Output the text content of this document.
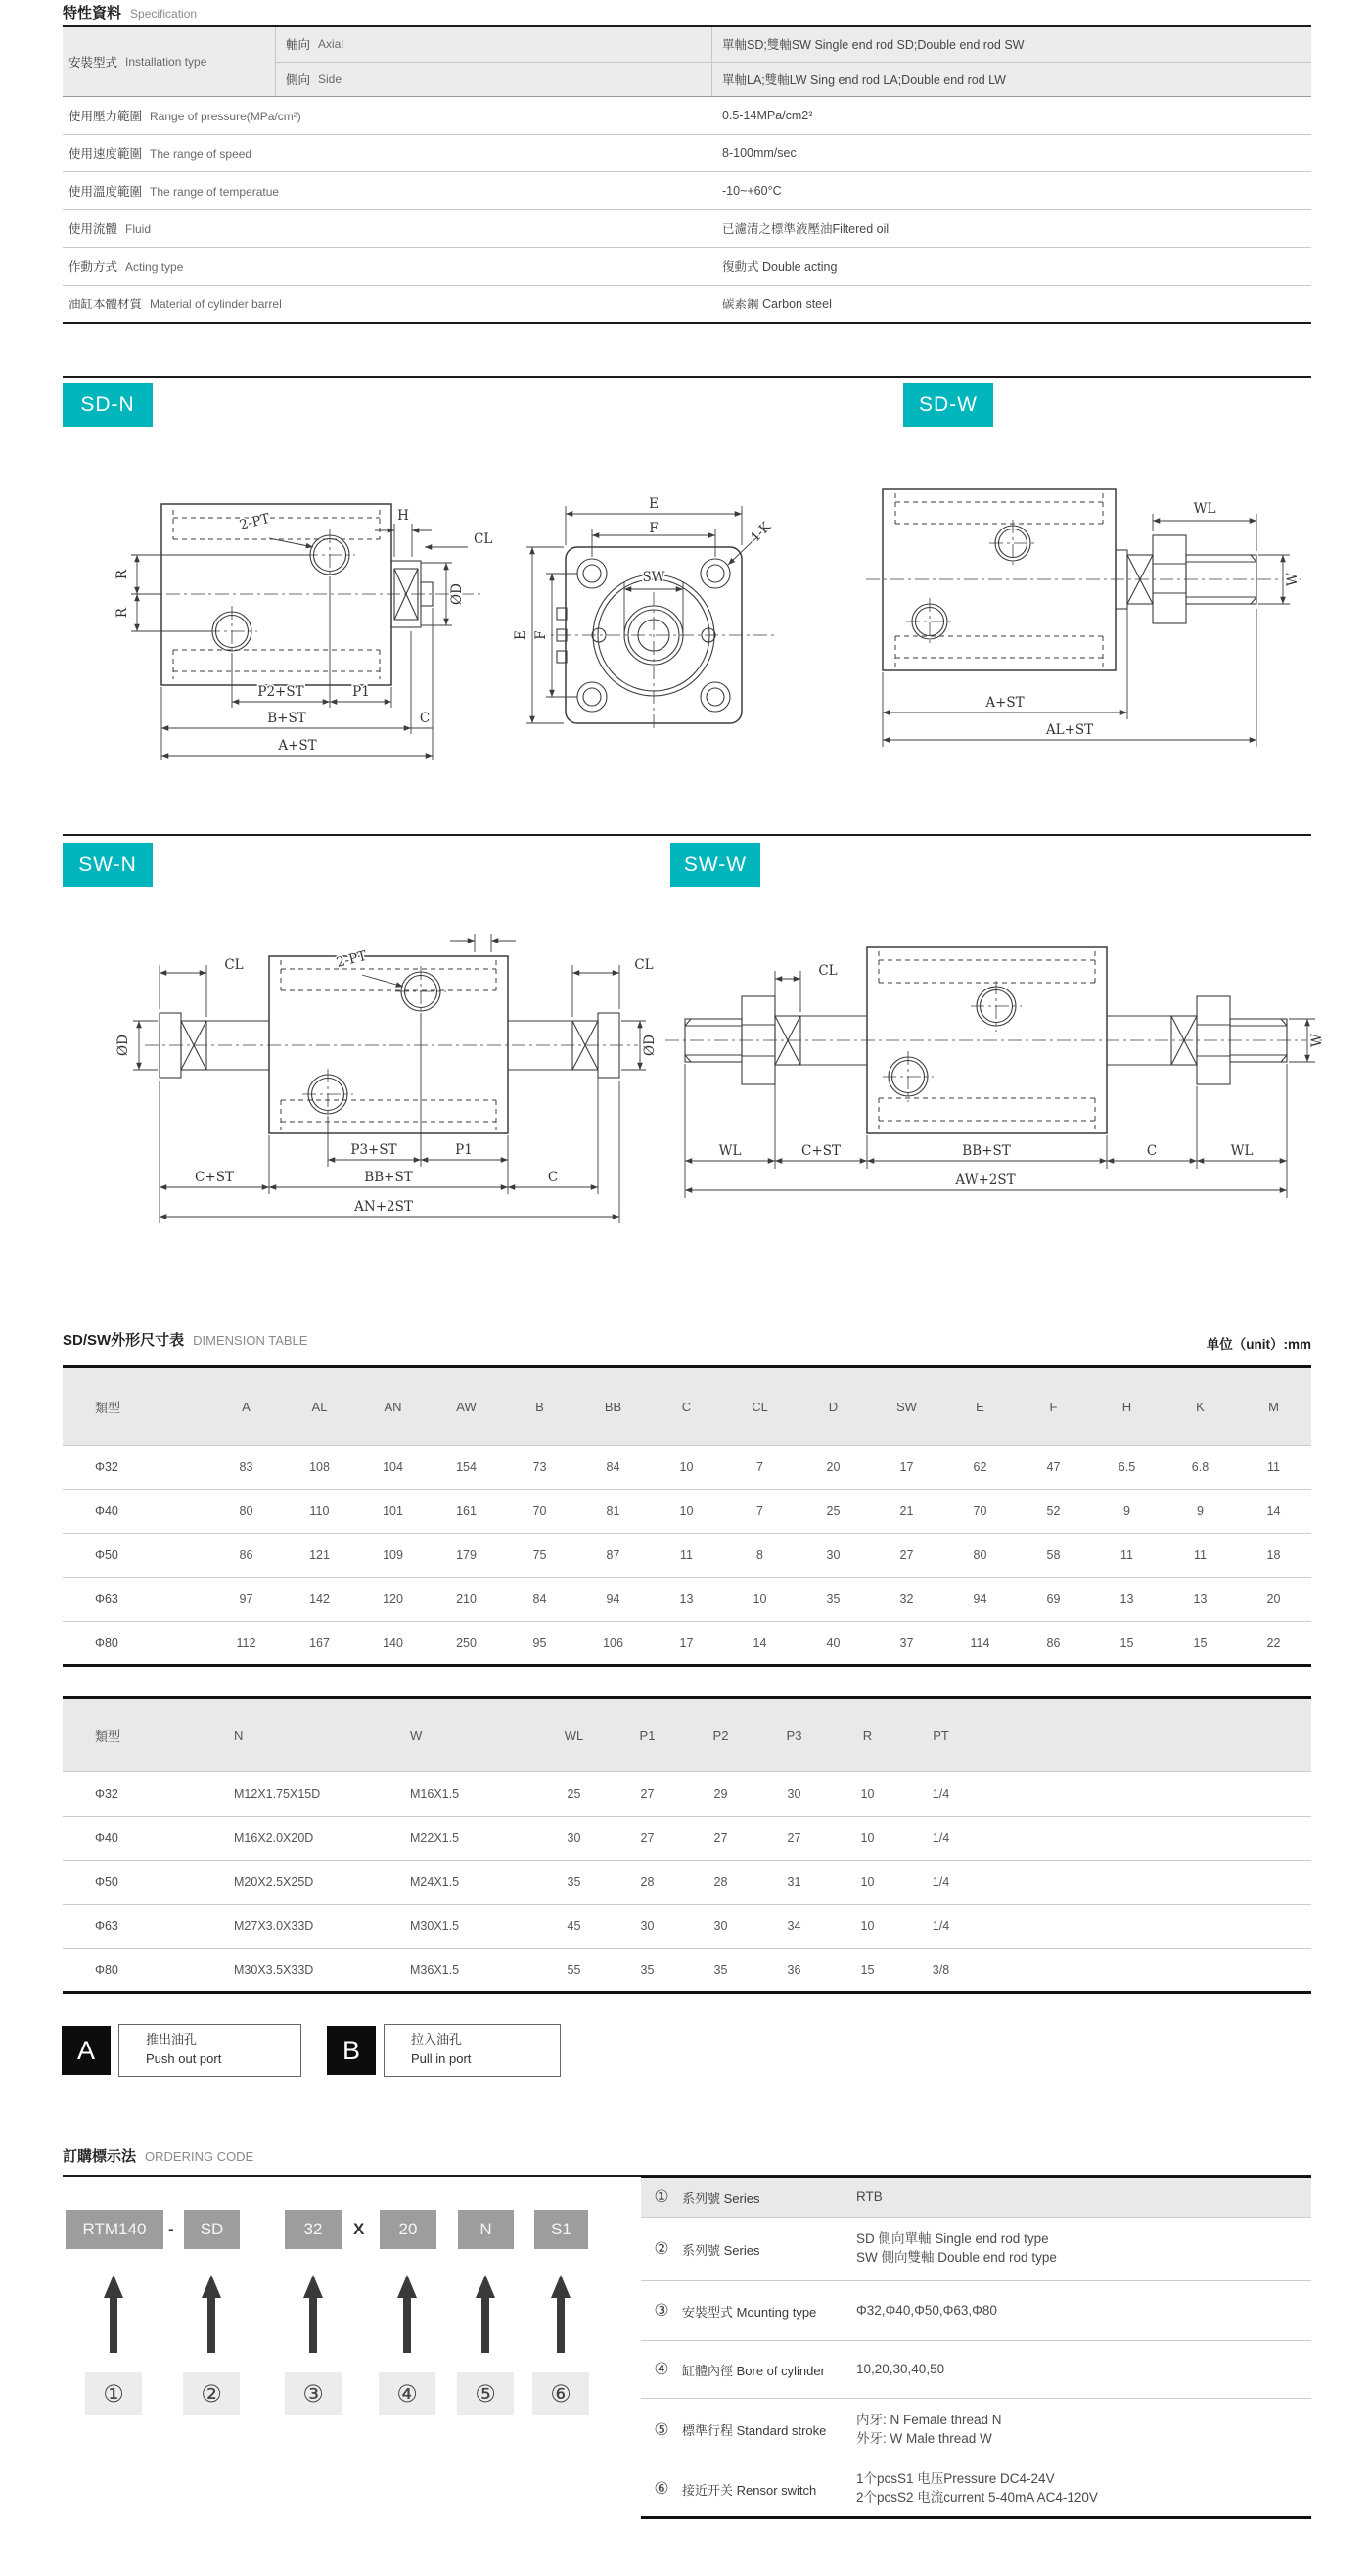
特性資料 Specification
安裝型式 Installation type
軸向 Axial	單軸SD;雙軸SW Single end rod SD;Double end rod SW
側向 Side	單軸LA;雙軸LW Sing end rod LA;Double end rod LW
使用壓力範圍 Range of pressure(MPa/cm²)	0.5-14MPa/cm2²
使用速度範圍 The range of speed	8-100mm/sec
使用溫度範圍 The range of temperatue	-10~+60°C
使用流體 Fluid	已濾清之標準液壓油Filtered oil
作動方式 Acting type	復動式 Double acting
油缸本體材質 Material of cylinder barrel	碳素鋼 Carbon steel
SD-N	SD-W
SW-N	SW-W
2-PT	H
CL
ØD
R
R
P2+ST	P1
B+ST	C
A+ST
SW
E
F
E F
4-K
WL
W
A+ST
AL+ST
2-PT
ØD	ØD
CL	CL
P3+ST	P1
C+ST	BB+ST	C
AN+2ST
CL
W
WL	C+ST	BB+ST	C	WL
AW+2ST
SD/SW外形尺寸表 DIMENSION TABLE	单位（unit）:mm
類型	A	AL	AN	AW	B	BB	C	CL	D	SW	E	F	H	K	M	
Φ32	83	108	104	154	73	84	10	7	20	17	62	47	6.5	6.8	11	
Φ40	80	110	101	161	70	81	10	7	25	21	70	52	9	9	14	
Φ50	86	121	109	179	75	87	11	8	30	27	80	58	11	11	18	
Φ63	97	142	120	210	84	94	13	10	35	32	94	69	13	13	20	
Φ80	112	167	140	250	95	106	17	14	40	37	114	86	15	15	22	
類型	N	W	WL	P1	P2	P3	R	PT	
Φ32	M12X1.75X15D	M16X1.5	25	27	29	30	10	1/4	
Φ40	M16X2.0X20D	M22X1.5	30	27	27	27	10	1/4	
Φ50	M20X2.5X25D	M24X1.5	35	28	28	31	10	1/4	
Φ63	M27X3.0X33D	M30X1.5	45	30	30	34	10	1/4	
Φ80	M30X3.5X33D	M36X1.5	55	35	35	36	15	3/8	
A	推出油孔
Push out port	B	拉入油孔
Pull in port
訂購標示法 ORDERING CODE
RTM140	-	SD	32	X	20	N	S1
①	②	③	④	⑤	⑥
①	系列號 Series	RTB
②	系列號 Series
SD 側向單軸 Single end rod type
SW 側向雙軸 Double end rod type
③	安裝型式 Mounting type	Φ32,Φ40,Φ50,Φ63,Φ80
④	缸體內徑 Bore of cylinder	10,20,30,40,50
⑤	標準行程 Standard stroke
内牙: N Female thread N
外牙: W Male thread W
⑥	接近开关 Rensor switch
1个pcsS1 电压Pressure DC4-24V
2个pcsS2 电流current 5-40mA AC4-120V
